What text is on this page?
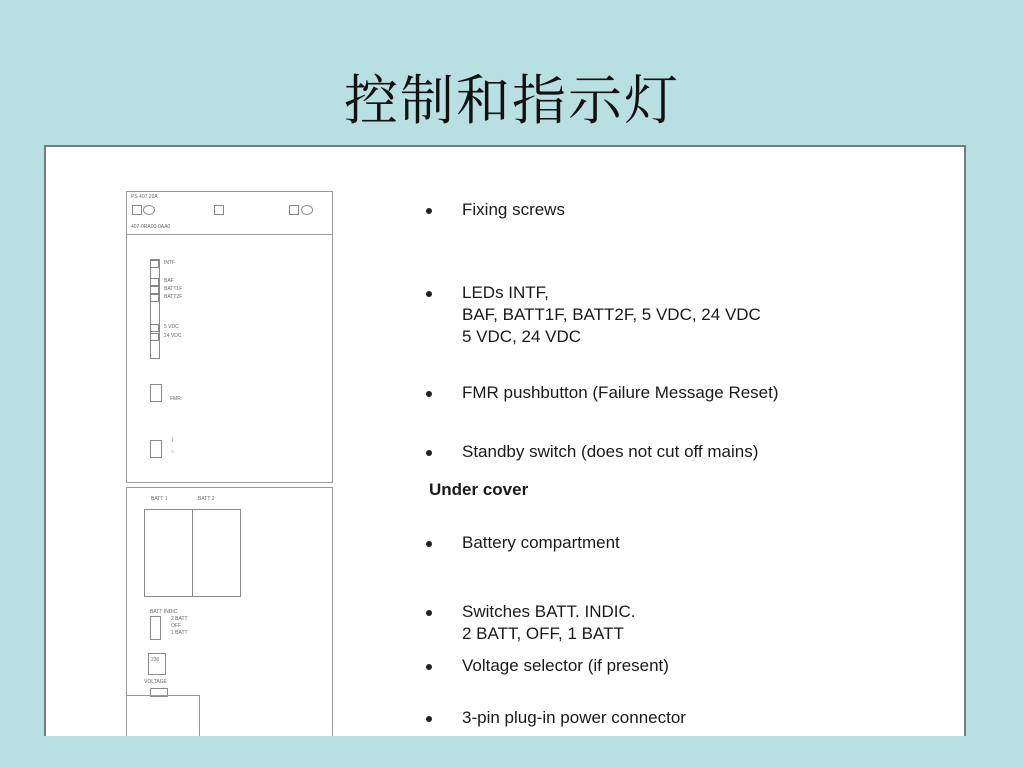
控制和指示灯
PS 407 20A
407-0RA00-0AA0
INTF
BAF
BATT1F
BATT2F
5 VDC
24 VDC
FMR
|
○
BATT 1	BATT 2
BATT INDIC
2 BATT
OFF
1 BATT
230
VOLTAGE
Fixing screws
LEDs INTF,
BAF, BATT1F, BATT2F, 5 VDC, 24 VDC
5 VDC, 24 VDC
FMR pushbutton (Failure Message Reset)
Standby switch (does not cut off mains)
Battery compartment
Switches BATT. INDIC.
2 BATT, OFF, 1 BATT
Voltage selector (if present)
3-pin plug-in power connector
Under cover
